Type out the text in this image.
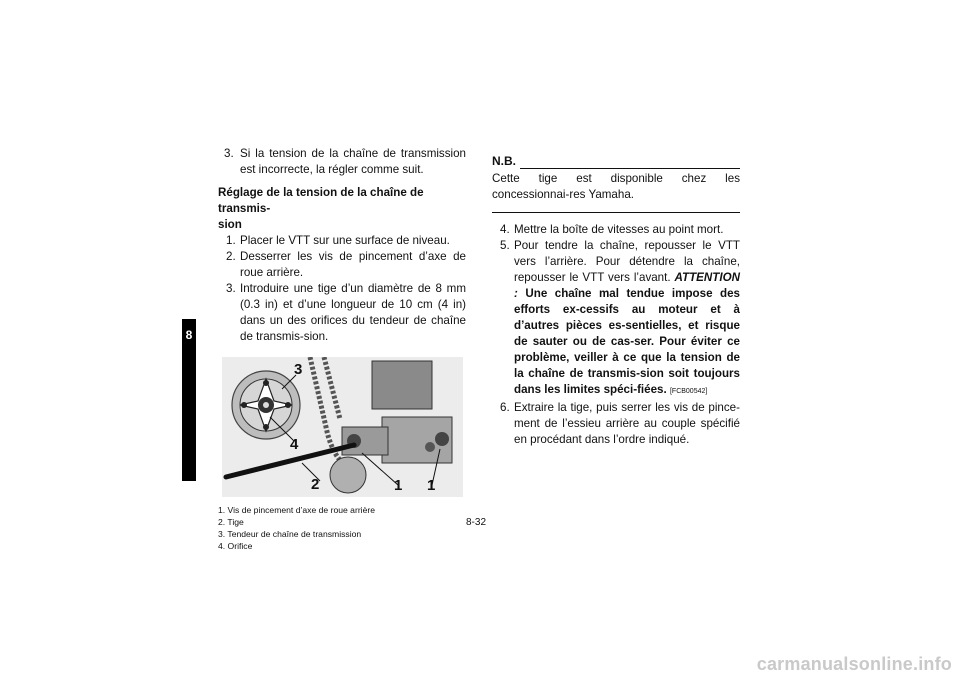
8
3. Si la tension de la chaîne de transmission est incorrecte, la régler comme suit.
Réglage de la tension de la chaîne de transmis-
sion
1. Placer le VTT sur une surface de niveau.
2. Desserrer les vis de pincement d’axe de roue arrière.
3. Introduire une tige d’un diamètre de 8 mm (0.3 in) et d’une longueur de 10 cm (4 in) dans un des orifices du tendeur de chaîne de transmis-sion.
3
4
2	1 1
1. Vis de pincement d’axe de roue arrière
2. Tige
3. Tendeur de chaîne de transmission
4. Orifice
N.B.
Cette tige est disponible chez les concessionnai-res Yamaha.
4. Mettre la boîte de vitesses au point mort.
5. Pour tendre la chaîne, repousser le VTT vers l’arrière. Pour détendre la chaîne, repousser le VTT vers l’avant. ATTENTION : Une chaîne mal tendue impose des efforts ex-cessifs au moteur et à d’autres pièces es-sentielles, et risque de sauter ou de cas-ser. Pour éviter ce problème, veiller à ce que la tension de la chaîne de transmis-sion soit toujours dans les limites spéci-fiées. [FCB00542]
6. Extraire la tige, puis serrer les vis de pince-ment de l’essieu arrière au couple spécifié en procédant dans l’ordre indiqué.
8-32
carmanualsonline.info
